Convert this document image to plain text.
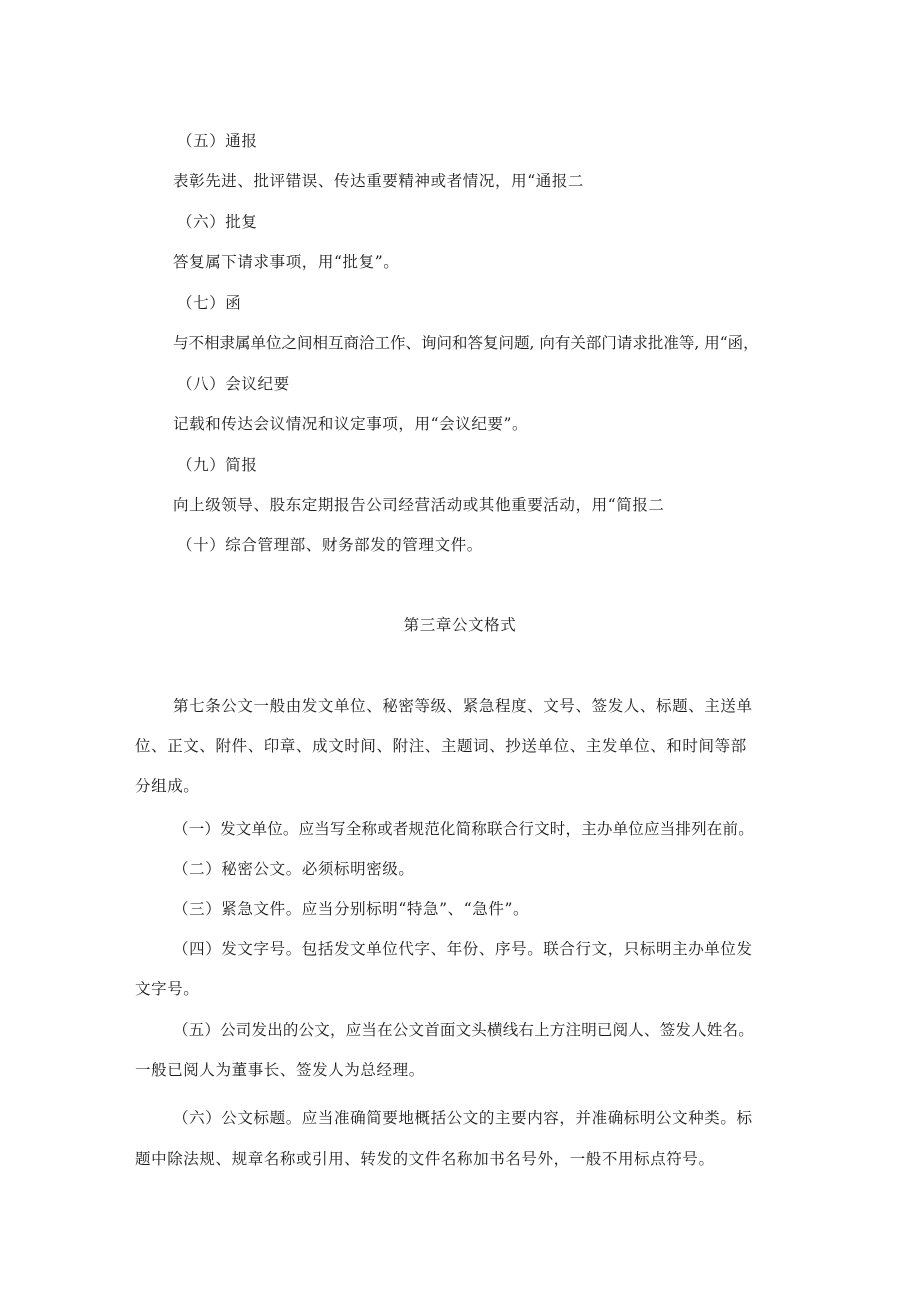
（五）通报
表彰先进、批评错误、传达重要精神或者情况，用“通报二
（六）批复
答复属下请求事项，用“批复”。
（七）函
与不相隶属单位之间相互商洽工作、询问和答复问题, 向有关部门请求批准等, 用“函，
（八）会议纪要
记载和传达会议情况和议定事项，用“会议纪要”。
（九）简报
向上级领导、股东定期报告公司经营活动或其他重要活动，用“简报二
（十）综合管理部、财务部发的管理文件。
第三章公文格式
第七条公文一般由发文单位、秘密等级、紧急程度、文号、签发人、标题、主送单
位、正文、附件、印章、成文时间、附注、主题词、抄送单位、主发单位、和时间等部
分组成。
（一）发文单位。应当写全称或者规范化简称联合行文时，主办单位应当排列在前。
（二）秘密公文。必须标明密级。
（三）紧急文件。应当分别标明“特急”、“急件”。
（四）发文字号。包括发文单位代字、年份、序号。联合行文，只标明主办单位发
文字号。
（五）公司发出的公文，应当在公文首面文头横线右上方注明已阅人、签发人姓名。
一般已阅人为董事长、签发人为总经理。
（六）公文标题。应当准确简要地概括公文的主要内容，并准确标明公文种类。标
题中除法规、规章名称或引用、转发的文件名称加书名号外，一般不用标点符号。
